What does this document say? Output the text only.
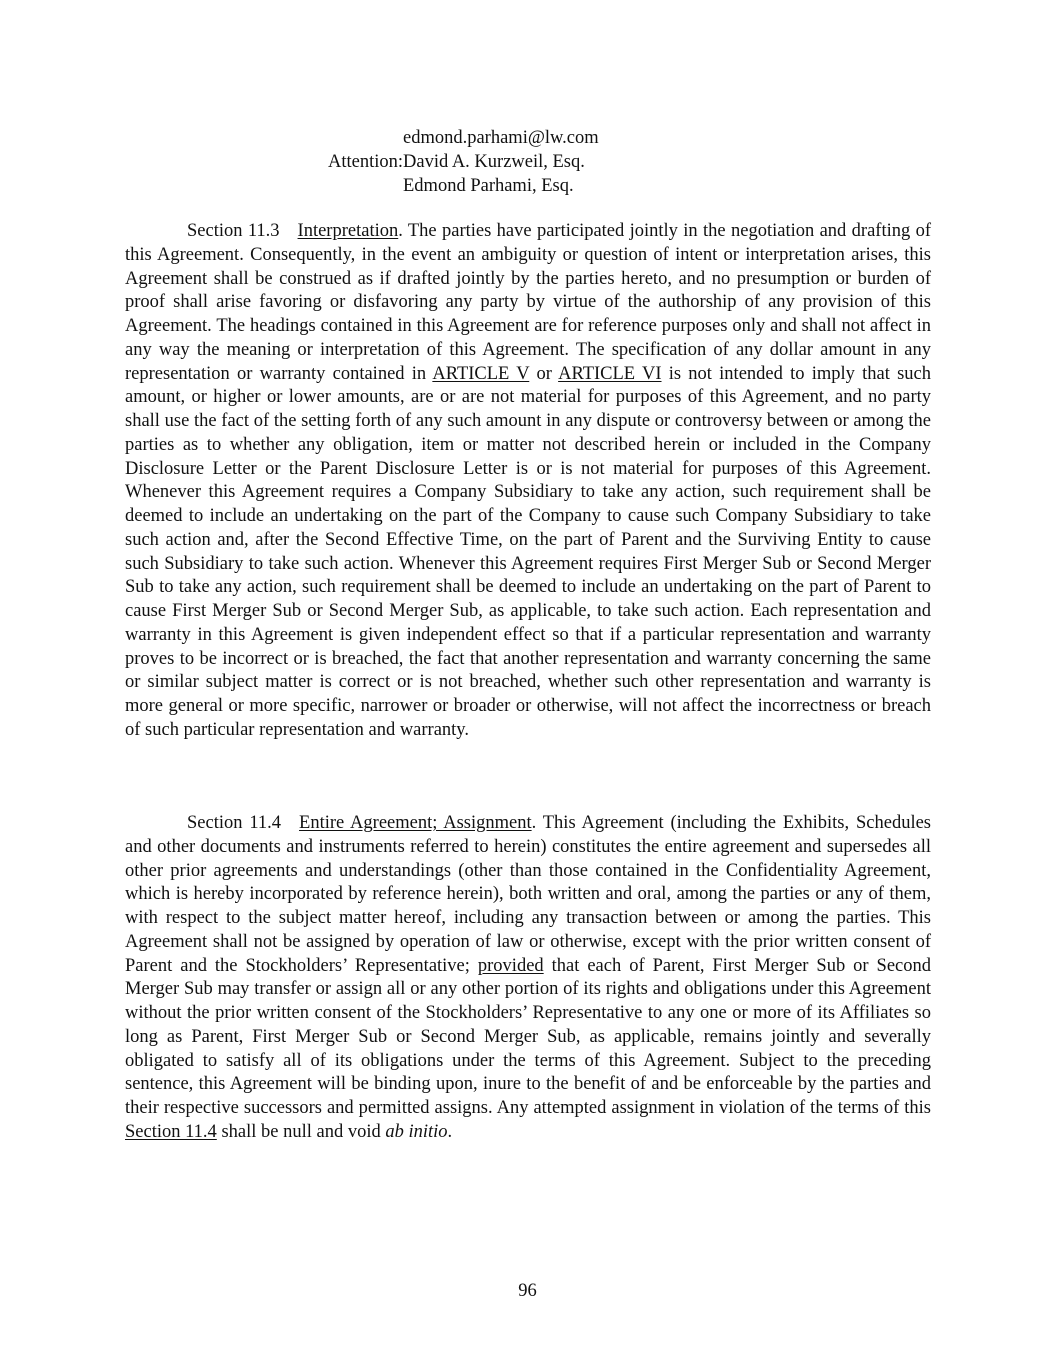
edmond.parhami@lw.com
Attention: David A. Kurzweil, Esq.
Edmond Parhami, Esq.
Section 11.3 Interpretation. The parties have participated jointly in the negotiation and drafting of this Agreement. Consequently, in the event an ambiguity or question of intent or interpretation arises, this Agreement shall be construed as if drafted jointly by the parties hereto, and no presumption or burden of proof shall arise favoring or disfavoring any party by virtue of the authorship of any provision of this Agreement. The headings contained in this Agreement are for reference purposes only and shall not affect in any way the meaning or interpretation of this Agreement. The specification of any dollar amount in any representation or warranty contained in ARTICLE V or ARTICLE VI is not intended to imply that such amount, or higher or lower amounts, are or are not material for purposes of this Agreement, and no party shall use the fact of the setting forth of any such amount in any dispute or controversy between or among the parties as to whether any obligation, item or matter not described herein or included in the Company Disclosure Letter or the Parent Disclosure Letter is or is not material for purposes of this Agreement. Whenever this Agreement requires a Company Subsidiary to take any action, such requirement shall be deemed to include an undertaking on the part of the Company to cause such Company Subsidiary to take such action and, after the Second Effective Time, on the part of Parent and the Surviving Entity to cause such Subsidiary to take such action. Whenever this Agreement requires First Merger Sub or Second Merger Sub to take any action, such requirement shall be deemed to include an undertaking on the part of Parent to cause First Merger Sub or Second Merger Sub, as applicable, to take such action. Each representation and warranty in this Agreement is given independent effect so that if a particular representation and warranty proves to be incorrect or is breached, the fact that another representation and warranty concerning the same or similar subject matter is correct or is not breached, whether such other representation and warranty is more general or more specific, narrower or broader or otherwise, will not affect the incorrectness or breach of such particular representation and warranty.
Section 11.4 Entire Agreement; Assignment. This Agreement (including the Exhibits, Schedules and other documents and instruments referred to herein) constitutes the entire agreement and supersedes all other prior agreements and understandings (other than those contained in the Confidentiality Agreement, which is hereby incorporated by reference herein), both written and oral, among the parties or any of them, with respect to the subject matter hereof, including any transaction between or among the parties. This Agreement shall not be assigned by operation of law or otherwise, except with the prior written consent of Parent and the Stockholders’ Representative; provided that each of Parent, First Merger Sub or Second Merger Sub may transfer or assign all or any other portion of its rights and obligations under this Agreement without the prior written consent of the Stockholders’ Representative to any one or more of its Affiliates so long as Parent, First Merger Sub or Second Merger Sub, as applicable, remains jointly and severally obligated to satisfy all of its obligations under the terms of this Agreement. Subject to the preceding sentence, this Agreement will be binding upon, inure to the benefit of and be enforceable by the parties and their respective successors and permitted assigns. Any attempted assignment in violation of the terms of this Section 11.4 shall be null and void ab initio.
96
